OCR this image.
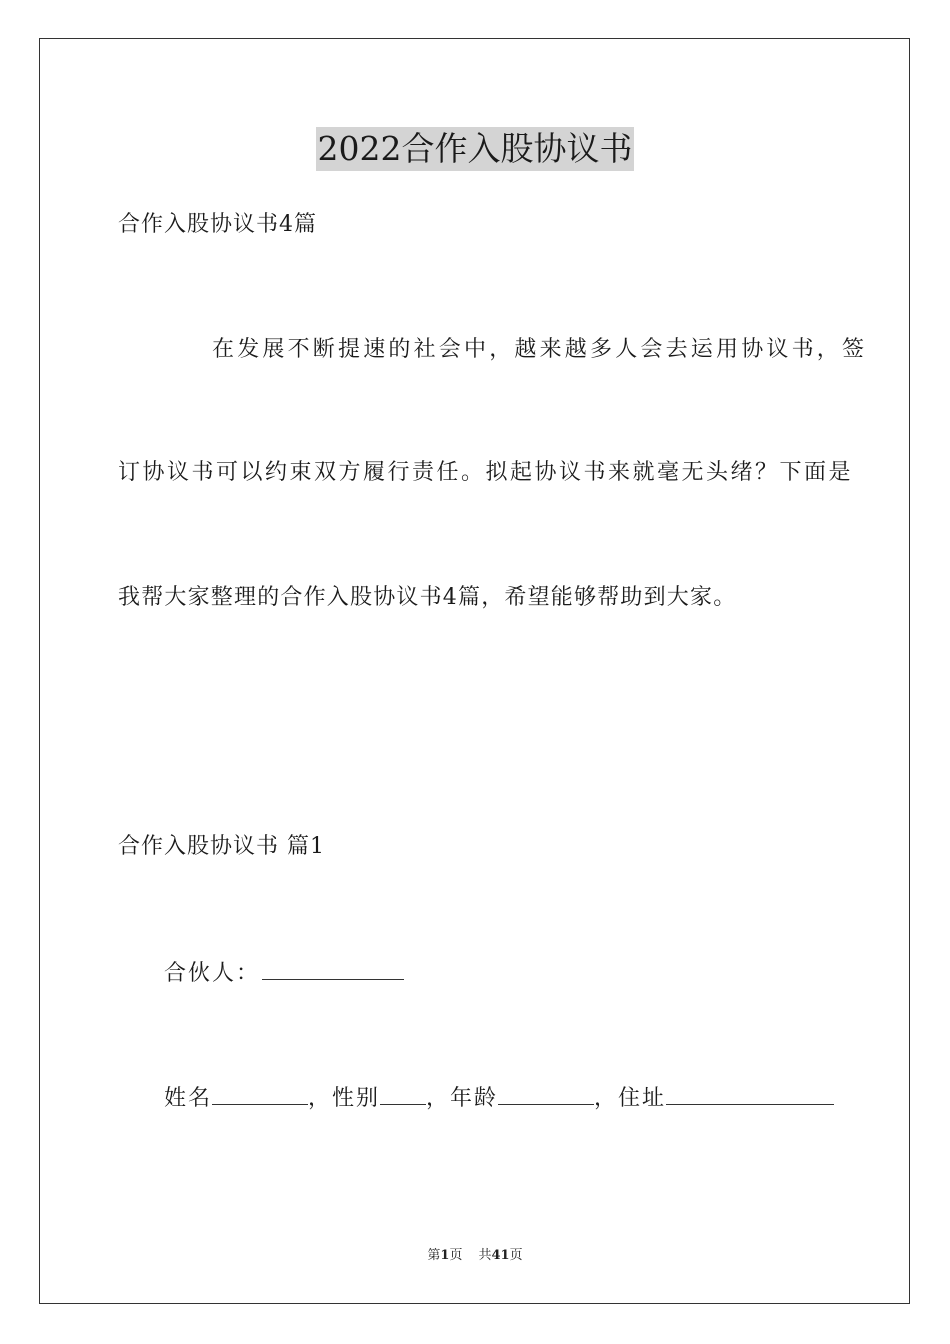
2022合作入股协议书
合作入股协议书4篇
在发展不断提速的社会中，越来越多人会去运用协议书，签
订协议书可以约束双方履行责任。拟起协议书来就毫无头绪？下面是
我帮大家整理的合作入股协议书4篇，希望能够帮助到大家。
合作入股协议书 篇1
合伙人：
姓名	，性别 ，年龄	，住址
第1页 共41页
